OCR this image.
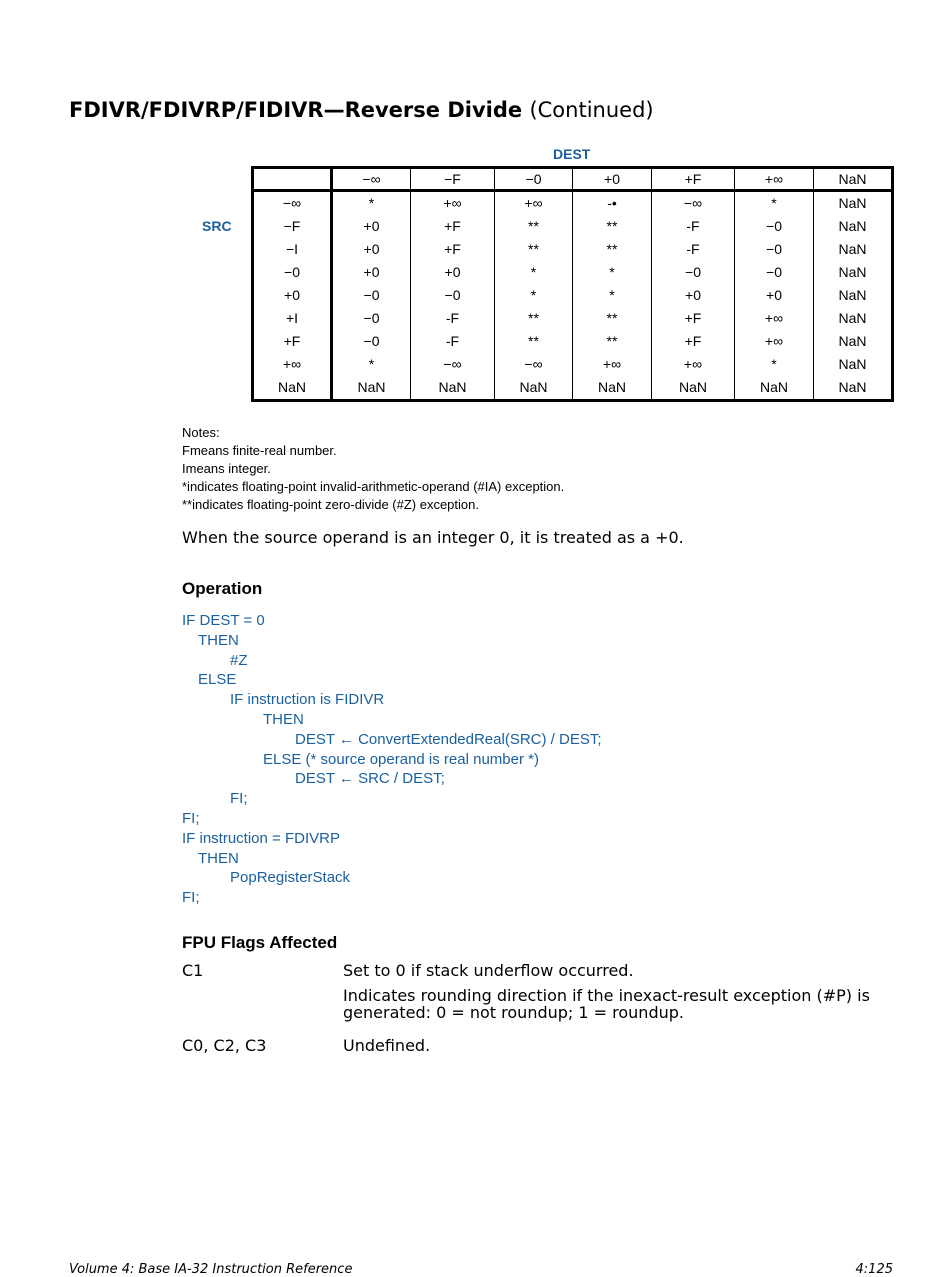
FDIVR/FDIVRP/FIDIVR—Reverse Divide (Continued)
DEST
SRC
	−∞	−F	−0	+0	+F	+∞	NaN
−∞	*	+∞	+∞	-•	−∞	*	NaN
−F	+0	+F	**	**	-F	−0	NaN
−I	+0	+F	**	**	-F	−0	NaN
−0	+0	+0	*	*	−0	−0	NaN
+0	−0	−0	*	*	+0	+0	NaN
+I	−0	-F	**	**	+F	+∞	NaN
+F	−0	-F	**	**	+F	+∞	NaN
+∞	*	−∞	−∞	+∞	+∞	*	NaN
NaN	NaN	NaN	NaN	NaN	NaN	NaN	NaN
Notes:
Fmeans finite-real number.
Imeans integer.
*indicates floating-point invalid-arithmetic-operand (#IA) exception.
**indicates floating-point zero-divide (#Z) exception.
When the source operand is an integer 0, it is treated as a +0.
Operation
IF DEST = 0
THEN
#Z
ELSE
IF instruction is FIDIVR
THEN
DEST ← ConvertExtendedReal(SRC) / DEST;
ELSE (* source operand is real number *)
DEST ← SRC / DEST;
FI;
FI;
IF instruction = FDIVRP
THEN
PopRegisterStack
FI;
FPU Flags Affected
C1	Set to 0 if stack underflow occurred.

Indicates rounding direction if the inexact-result exception (#P) is generated: 0 = not roundup; 1 = roundup.

C0, C2, C3	Undefined.

Volume 4: Base IA-32 Instruction Reference	4:125
